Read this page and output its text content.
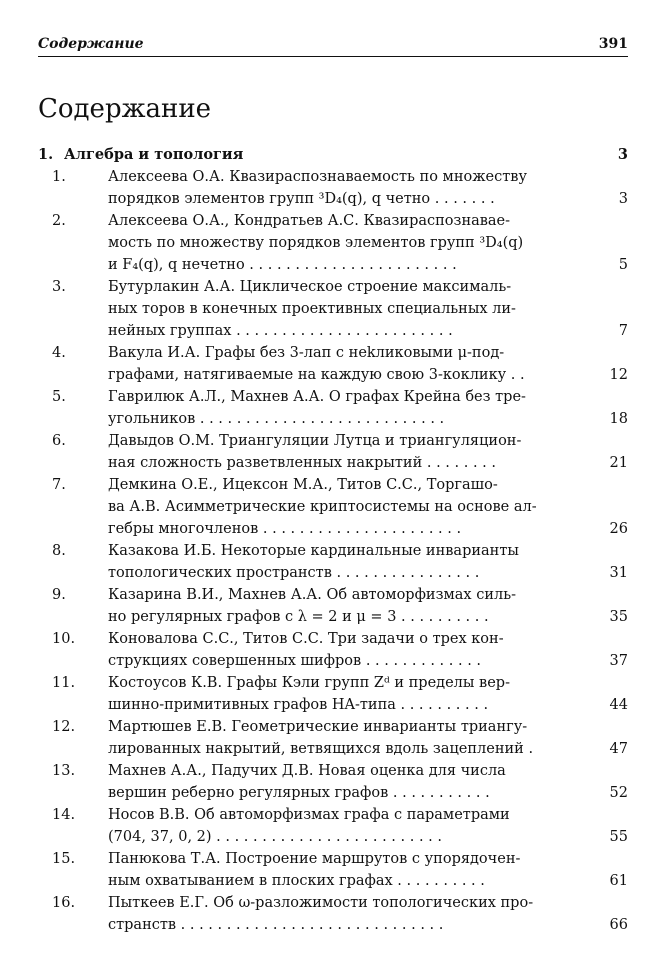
Содержание	391
Содержание
1. Алгебра и топология	3
1.	Алексеева О.А. Квазираспознаваемость по множеству
порядков элементов групп ³D₄(q), q четно . . . . . . .	3
2.	Алексеева О.А., Кондратьев А.С. Квазираспознавае-
мость по множеству порядков элементов групп ³D₄(q)
и F₄(q), q нечетно . . . . . . . . . . . . . . . . . . . . . . .	5
3.	Бутурлакин А.А. Циклическое строение максималь-
ных торов в конечных проективных специальных ли-
нейных группах . . . . . . . . . . . . . . . . . . . . . . . .	7
4.	Вакула И.А. Графы без 3-лап с неkликовыми μ-под-
графами, натягиваемые на каждую свою 3-коклику . .	12
5.	Гаврилюк А.Л., Махнев А.А. О графах Крейна без тре-
угольников . . . . . . . . . . . . . . . . . . . . . . . . . . .	18
6.	Давыдов О.М. Триангуляции Лутца и триангуляцион-
ная сложность разветвленных накрытий . . . . . . . .	21
7.	Демкина О.Е., Ицексон М.А., Титов С.С., Торгашо-
ва А.В. Асимметрические криптосистемы на основе ал-
гебры многочленов . . . . . . . . . . . . . . . . . . . . . .	26
8.	Казакова И.Б. Некоторые кардинальные инварианты
топологических пространств . . . . . . . . . . . . . . . .	31
9.	Казарина В.И., Махнев А.А. Об автоморфизмах силь-
но регулярных графов с λ = 2 и μ = 3 . . . . . . . . . .	35
10. Коновалова С.С., Титов С.С. Три задачи о трех кон-
струкциях совершенных шифров . . . . . . . . . . . . .	37
11. Костоусов К.В. Графы Кэли групп Zᵈ и пределы вер-
шинно-примитивных графов HA-типа . . . . . . . . . .	44
12. Мартюшев Е.В. Геометрические инварианты триангу-
лированных накрытий, ветвящихся вдоль зацеплений .	47
13. Махнев А.А., Падучих Д.В. Новая оценка для числа
вершин реберно регулярных графов . . . . . . . . . . .	52
14. Носов В.В. Об автоморфизмах графа с параметрами
(704, 37, 0, 2) . . . . . . . . . . . . . . . . . . . . . . . . .	55
15. Панюкова Т.А. Построение маршрутов с упорядочен-
ным охватыванием в плоских графах . . . . . . . . . .	61
16. Пыткеев Е.Г. Об ω-разложимости топологических про-
странств . . . . . . . . . . . . . . . . . . . . . . . . . . . . .	66
